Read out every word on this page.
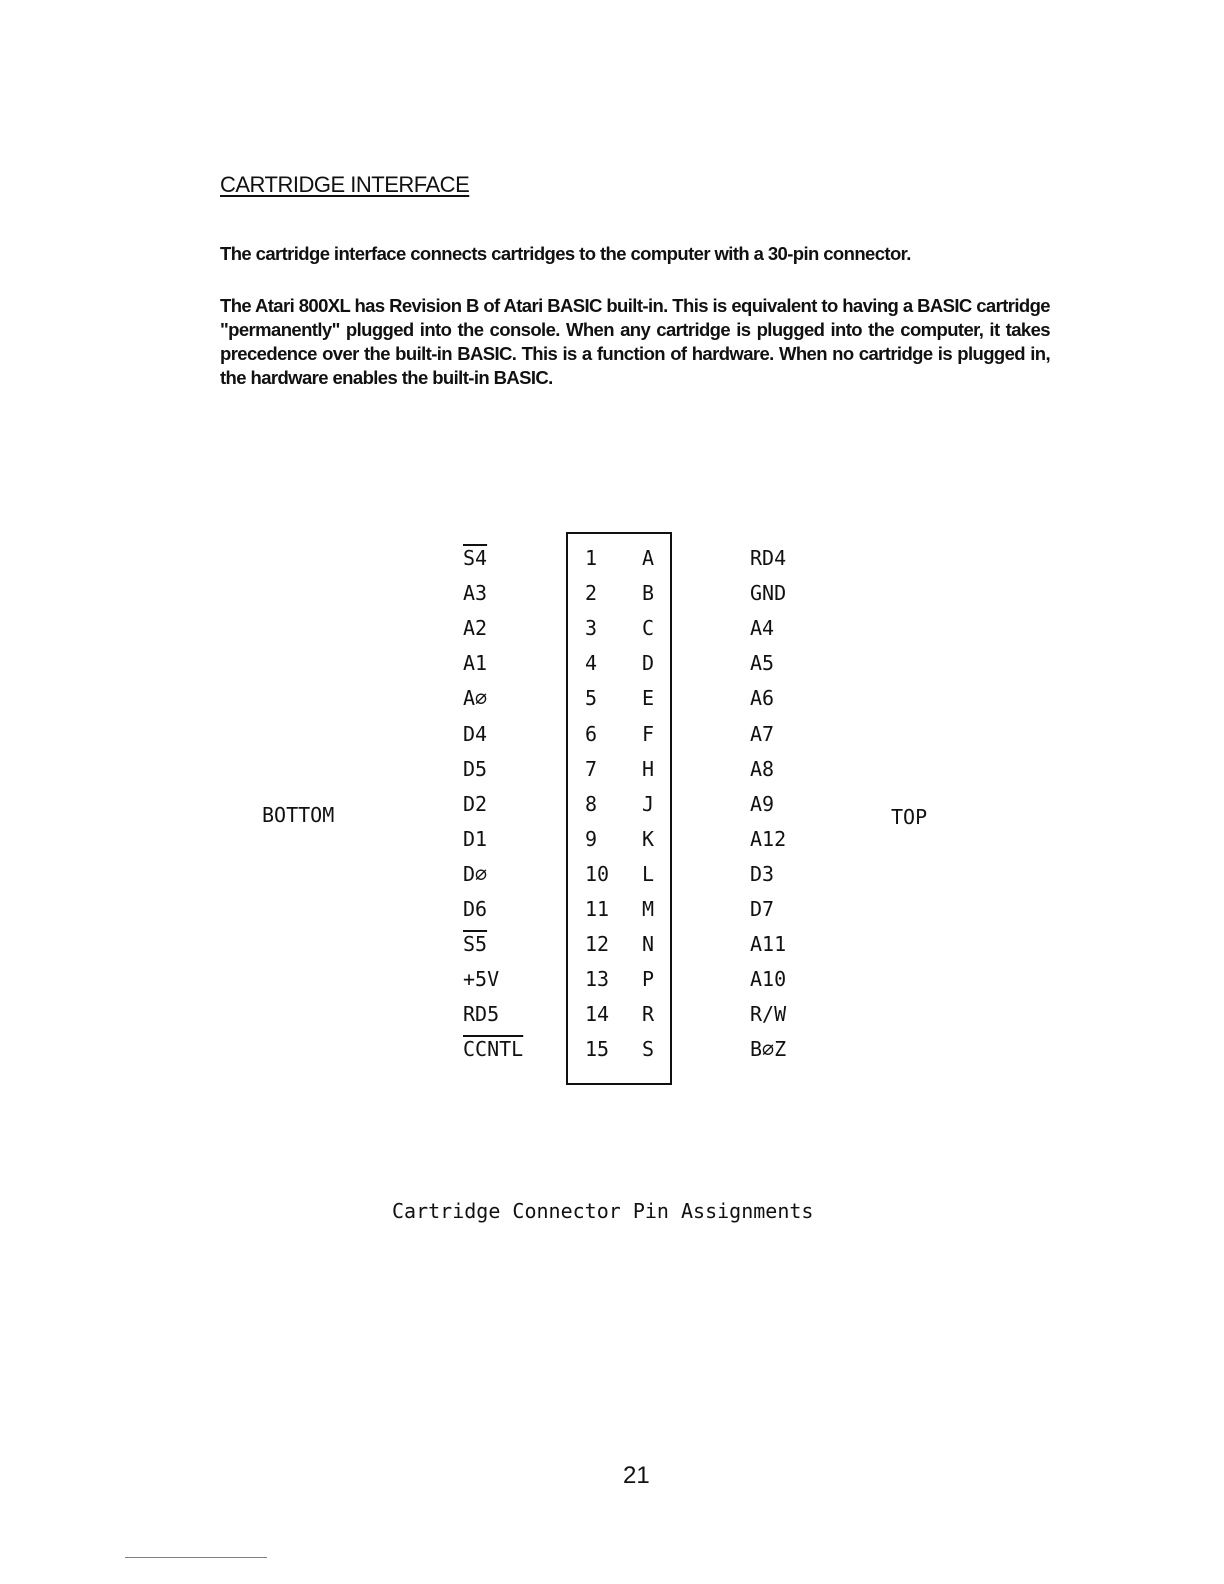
CARTRIDGE INTERFACE

The cartridge interface connects cartridges to the computer with a 30-pin connector.

The Atari 800XL has Revision B of Atari BASIC built-in. This is equivalent to having a BASIC cartridge "permanently" plugged into the console. When any cartridge is plugged into the computer, it takes precedence over the built-in BASIC. This is a function of hardware. When no cartridge is plugged in, the hardware enables the built-in BASIC.

BOTTOM	TOP
S4	1 A	RD4
A3	2 B	GND
A2	3 C	A4
A1	4 D	A5
A∅	5 E	A6
D4	6 F	A7
D5	7 H	A8
D2	8 J	A9
D1	9 K	A12
D∅	10 L	D3
D6	11 M	D7
S5	12 N	A11
+5V	13 P	A10
RD5	14 R	R/W
CCNTL	15 S	B∅Z
Cartridge Connector Pin Assignments
21
